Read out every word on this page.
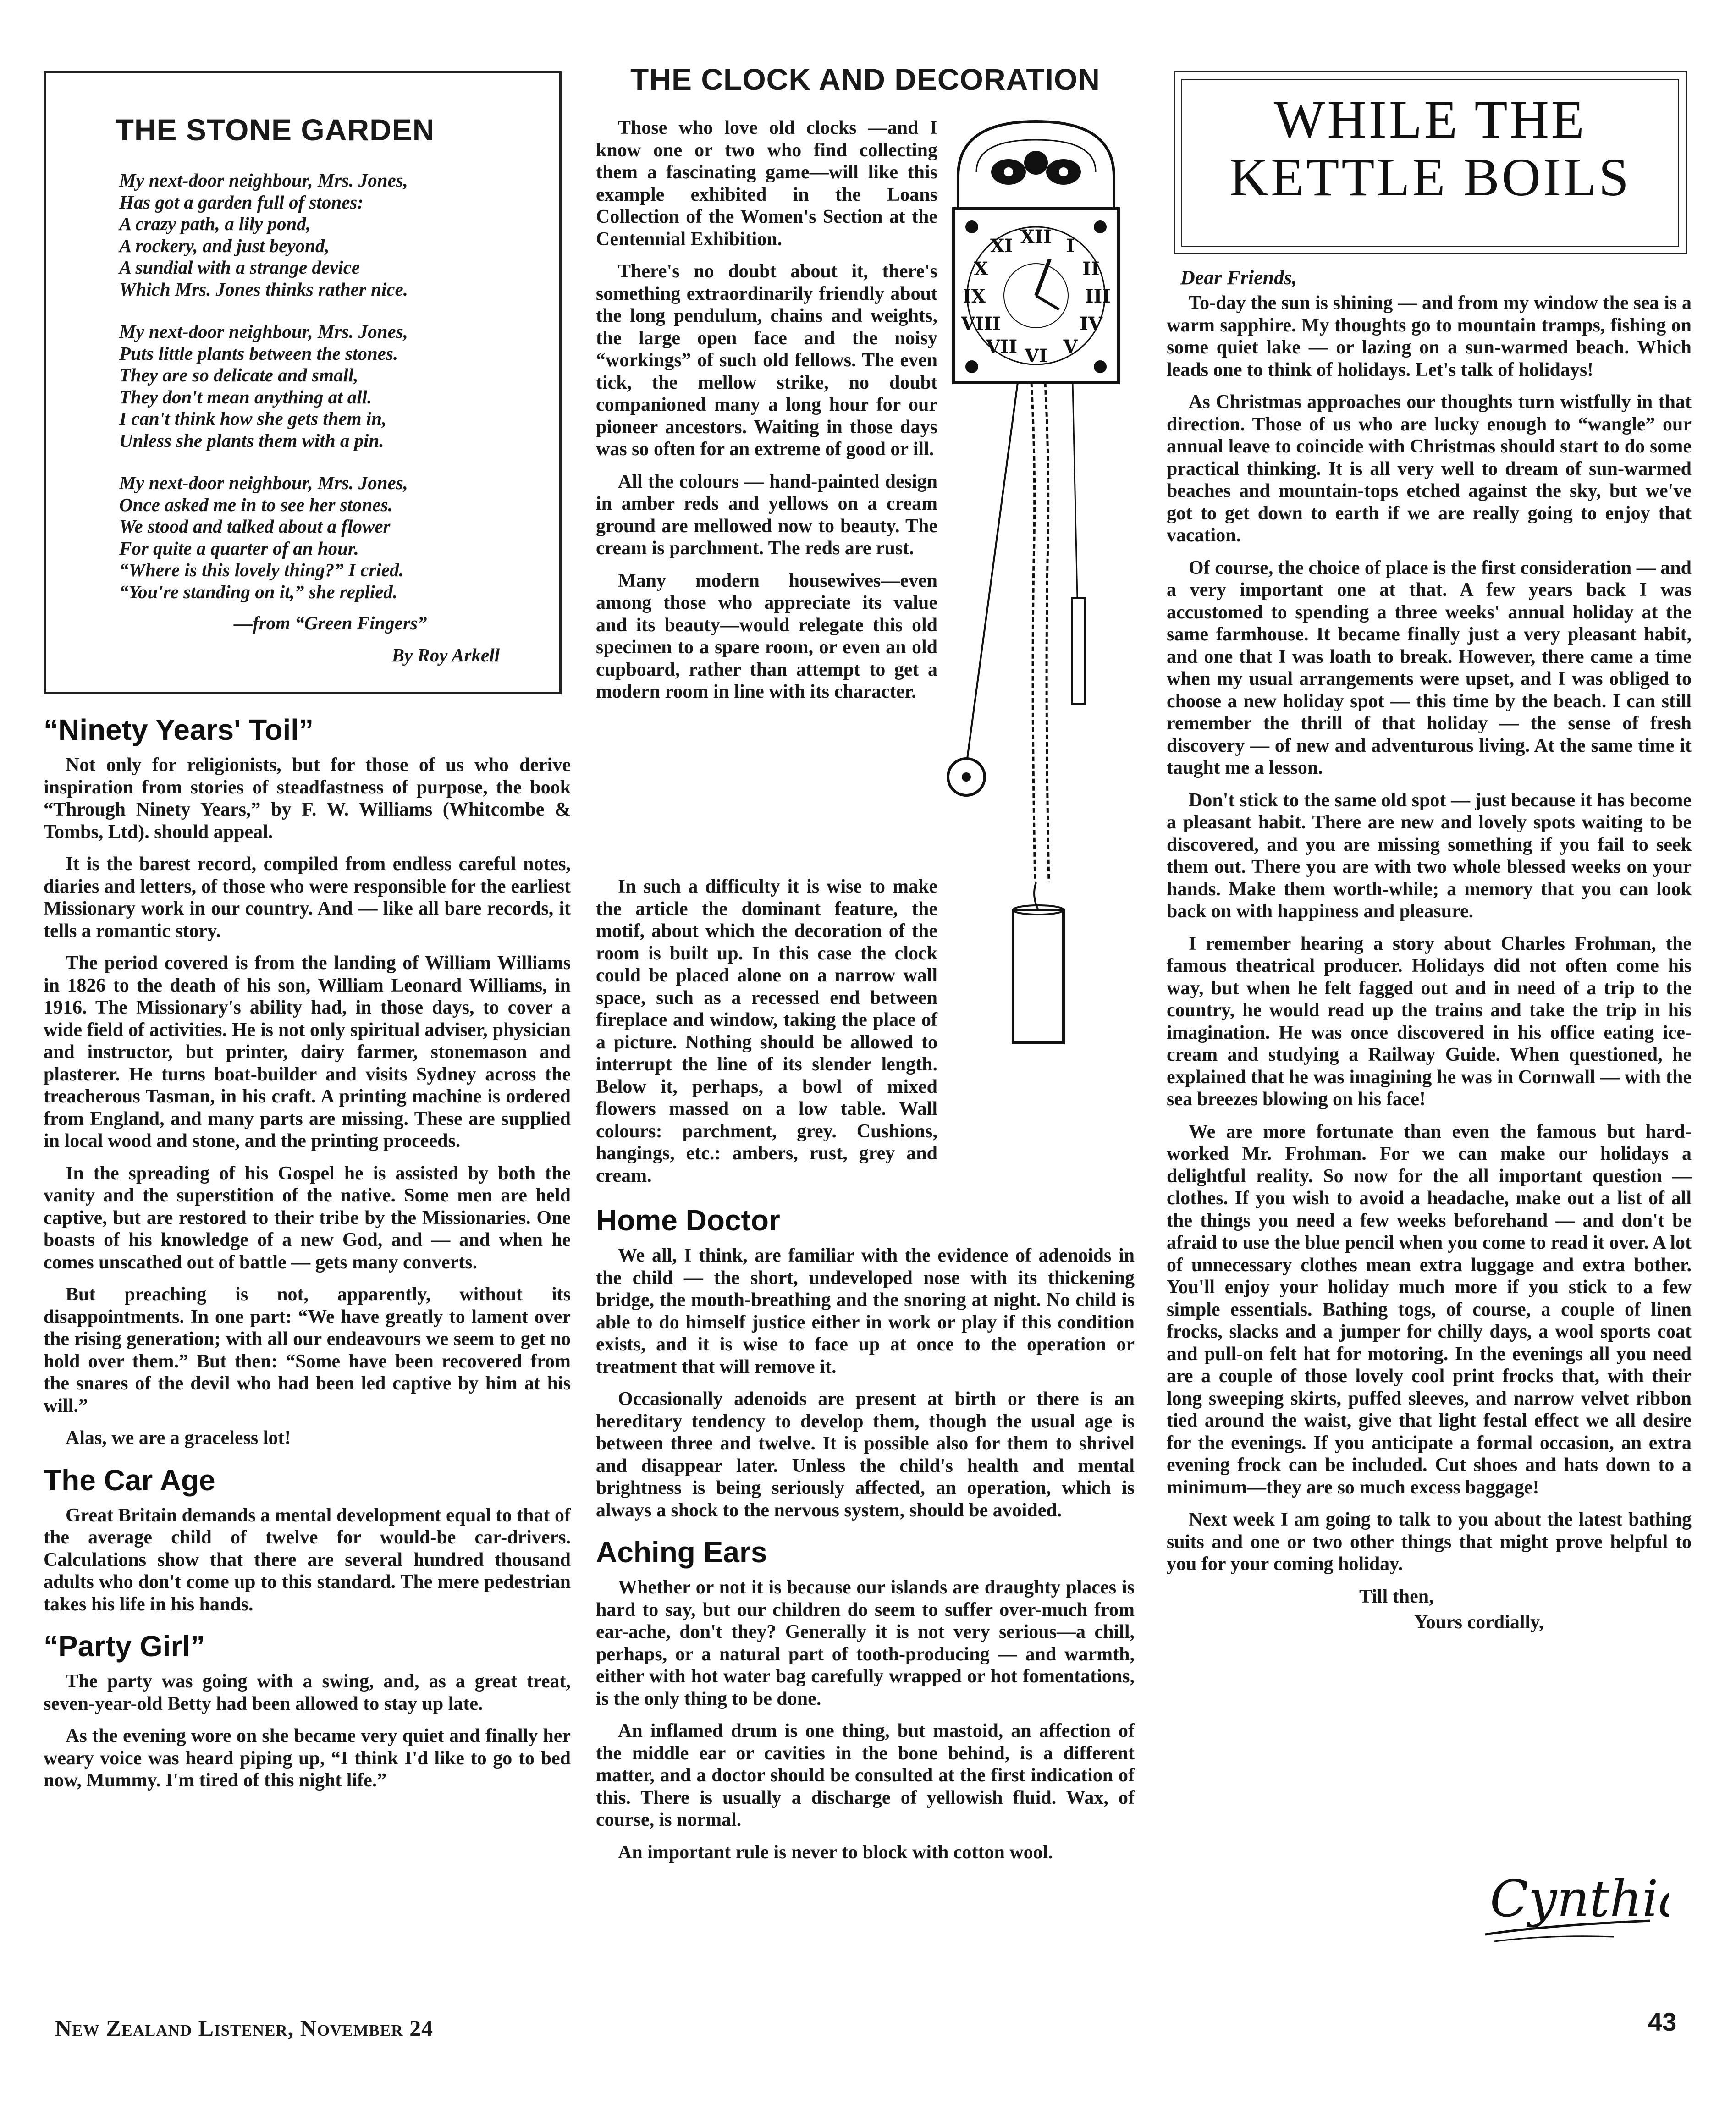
THE STONE GARDEN
My next-door neighbour, Mrs. Jones,
Has got a garden full of stones:
A crazy path, a lily pond,
A rockery, and just beyond,
A sundial with a strange device
Which Mrs. Jones thinks rather nice.
My next-door neighbour, Mrs. Jones,
Puts little plants between the stones.
They are so delicate and small,
They don't mean anything at all.
I can't think how she gets them in,
Unless she plants them with a pin.
My next-door neighbour, Mrs. Jones,
Once asked me in to see her stones.
We stood and talked about a flower
For quite a quarter of an hour.
“Where is this lovely thing?” I cried.
“You're standing on it,” she replied.
—from “Green Fingers”
By Roy Arkell
“Ninety Years' Toil”

Not only for religionists, but for those of us who derive inspiration from stories of steadfastness of purpose, the book “Through Ninety Years,” by F. W. Williams (Whitcombe & Tombs, Ltd). should appeal.

It is the barest record, compiled from endless careful notes, diaries and letters, of those who were responsible for the earliest Missionary work in our country. And — like all bare records, it tells a romantic story.

The period covered is from the landing of William Williams in 1826 to the death of his son, William Leonard Williams, in 1916. The Missionary's ability had, in those days, to cover a wide field of activities. He is not only spiritual adviser, physician and instructor, but printer, dairy farmer, stonemason and plasterer. He turns boat-builder and visits Sydney across the treacherous Tasman, in his craft. A printing machine is ordered from England, and many parts are missing. These are supplied in local wood and stone, and the printing proceeds.

In the spreading of his Gospel he is assisted by both the vanity and the superstition of the native. Some men are held captive, but are restored to their tribe by the Missionaries. One boasts of his knowledge of a new God, and — and when he comes unscathed out of battle — gets many converts.

But preaching is not, apparently, without its disappointments. In one part: “We have greatly to lament over the rising generation; with all our endeavours we seem to get no hold over them.” But then: “Some have been recovered from the snares of the devil who had been led captive by him at his will.”

Alas, we are a graceless lot!

The Car Age

Great Britain demands a mental development equal to that of the average child of twelve for would-be car-drivers. Calculations show that there are several hundred thousand adults who don't come up to this standard. The mere pedestrian takes his life in his hands.

“Party Girl”

The party was going with a swing, and, as a great treat, seven-year-old Betty had been allowed to stay up late.

As the evening wore on she became very quiet and finally her weary voice was heard piping up, “I think I'd like to go to bed now, Mummy. I'm tired of this night life.”

THE CLOCK AND DECORATION

Those who love old clocks —and I know one or two who find collecting them a fascinating game—will like this example exhibited in the Loans Collection of the Women's Section at the Centennial Exhibition.

There's no doubt about it, there's something extraordinarily friendly about the long pendulum, chains and weights, the large open face and the noisy “workings” of such old fellows. The even tick, the mellow strike, no doubt companioned many a long hour for our pioneer ancestors. Waiting in those days was so often for an extreme of good or ill.

All the colours — hand-painted design in amber reds and yellows on a cream ground are mellowed now to beauty. The cream is parchment. The reds are rust.

Many modern housewives—even among those who appreciate its value and its beauty—would relegate this old specimen to a spare room, or even an old cupboard, rather than attempt to get a modern room in line with its character.

In such a difficulty it is wise to make the article the dominant feature, the motif, about which the decoration of the room is built up. In this case the clock could be placed alone on a narrow wall space, such as a recessed end between fireplace and window, taking the place of a picture. Nothing should be allowed to interrupt the line of its slender length. Below it, perhaps, a bowl of mixed flowers massed on a low table. Wall colours: parchment, grey. Cushions, hangings, etc.: ambers, rust, grey and cream.

XII I
II
III
IV
V
VI
VII
VIII
IX
X
XI
Home Doctor

We all, I think, are familiar with the evidence of adenoids in the child — the short, undeveloped nose with its thickening bridge, the mouth-breathing and the snoring at night. No child is able to do himself justice either in work or play if this condition exists, and it is wise to face up at once to the operation or treatment that will remove it.

Occasionally adenoids are present at birth or there is an hereditary tendency to develop them, though the usual age is between three and twelve. It is possible also for them to shrivel and disappear later. Unless the child's health and mental brightness is being seriously affected, an operation, which is always a shock to the nervous system, should be avoided.

Aching Ears

Whether or not it is because our islands are draughty places is hard to say, but our children do seem to suffer over-much from ear-ache, don't they? Generally it is not very serious—a chill, perhaps, or a natural part of tooth-producing — and warmth, either with hot water bag carefully wrapped or hot fomentations, is the only thing to be done.

An inflamed drum is one thing, but mastoid, an affection of the middle ear or cavities in the bone behind, is a different matter, and a doctor should be consulted at the first indication of this. There is usually a discharge of yellowish fluid. Wax, of course, is normal.

An important rule is never to block with cotton wool.

WHILE THE
KETTLE BOILS
Dear Friends,

To-day the sun is shining — and from my window the sea is a warm sapphire. My thoughts go to mountain tramps, fishing on some quiet lake — or lazing on a sun-warmed beach. Which leads one to think of holidays. Let's talk of holidays!

As Christmas approaches our thoughts turn wistfully in that direction. Those of us who are lucky enough to “wangle” our annual leave to coincide with Christmas should start to do some practical thinking. It is all very well to dream of sun-warmed beaches and mountain-tops etched against the sky, but we've got to get down to earth if we are really going to enjoy that vacation.

Of course, the choice of place is the first consideration — and a very important one at that. A few years back I was accustomed to spending a three weeks' annual holiday at the same farmhouse. It became finally just a very pleasant habit, and one that I was loath to break. However, there came a time when my usual arrangements were upset, and I was obliged to choose a new holiday spot — this time by the beach. I can still remember the thrill of that holiday — the sense of fresh discovery — of new and adventurous living. At the same time it taught me a lesson.

Don't stick to the same old spot — just because it has become a pleasant habit. There are new and lovely spots waiting to be discovered, and you are missing something if you fail to seek them out. There you are with two whole blessed weeks on your hands. Make them worth-while; a memory that you can look back on with happiness and pleasure.

I remember hearing a story about Charles Frohman, the famous theatrical producer. Holidays did not often come his way, but when he felt fagged out and in need of a trip to the country, he would read up the trains and take the trip in his imagination. He was once discovered in his office eating ice-cream and studying a Railway Guide. When questioned, he explained that he was imagining he was in Cornwall — with the sea breezes blowing on his face!

We are more fortunate than even the famous but hard-worked Mr. Frohman. For we can make our holidays a delightful reality. So now for the all important question — clothes. If you wish to avoid a headache, make out a list of all the things you need a few weeks beforehand — and don't be afraid to use the blue pencil when you come to read it over. A lot of unnecessary clothes mean extra luggage and extra bother. You'll enjoy your holiday much more if you stick to a few simple essentials. Bathing togs, of course, a couple of linen frocks, slacks and a jumper for chilly days, a wool sports coat and pull-on felt hat for motoring. In the evenings all you need are a couple of those lovely cool print frocks that, with their long sweeping skirts, puffed sleeves, and narrow velvet ribbon tied around the waist, give that light festal effect we all desire for the evenings. If you anticipate a formal occasion, an extra evening frock can be included. Cut shoes and hats down to a minimum—they are so much excess baggage!

Next week I am going to talk to you about the latest bathing suits and one or two other things that might prove helpful to you for your coming holiday.

Till then,
Yours cordially,
Cynthia
New Zealand Listener, November 24	43
